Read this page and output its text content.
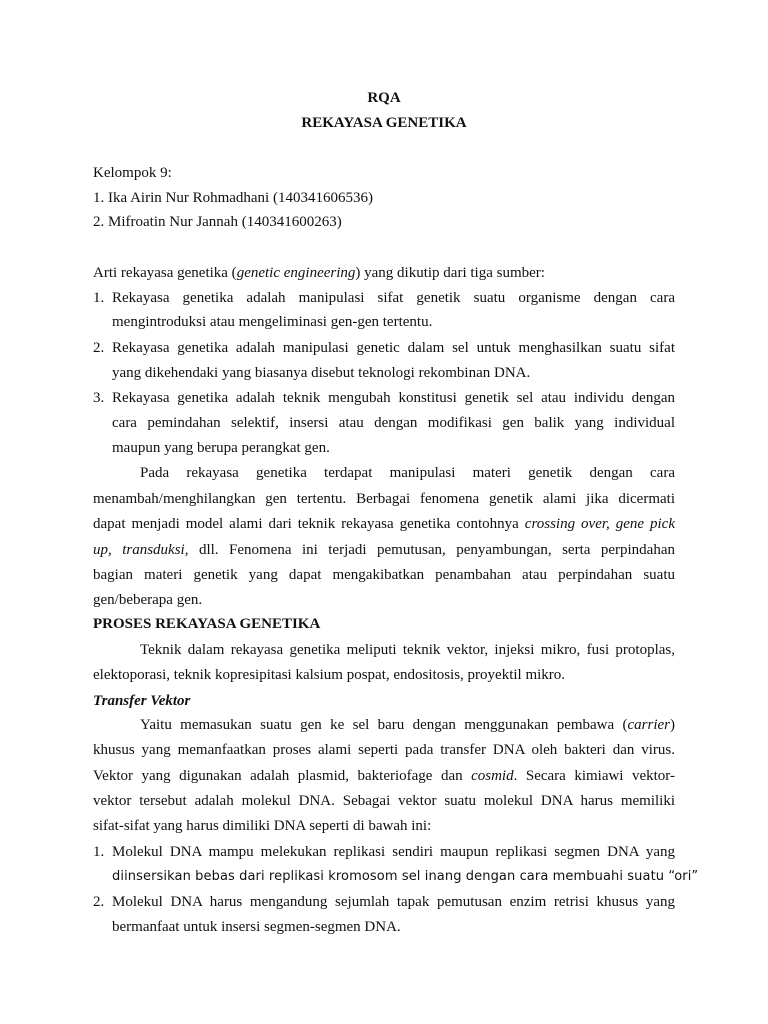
RQA
REKAYASA GENETIKA
Kelompok 9:
1. Ika Airin Nur Rohmadhani (140341606536)
2. Mifroatin Nur Jannah (140341600263)
Arti rekayasa genetika (genetic engineering) yang dikutip dari tiga sumber:
1. Rekayasa genetika adalah manipulasi sifat genetik suatu organisme dengan cara
mengintroduksi atau mengeliminasi gen-gen tertentu.
2. Rekayasa genetika adalah manipulasi genetic dalam sel untuk menghasilkan suatu sifat
yang dikehendaki yang biasanya disebut teknologi rekombinan DNA.
3. Rekayasa genetika adalah teknik mengubah konstitusi genetik sel atau individu dengan
cara pemindahan selektif, insersi atau dengan modifikasi gen balik yang individual
maupun yang berupa perangkat gen.
Pada rekayasa genetika terdapat manipulasi materi genetik dengan cara
menambah/menghilangkan gen tertentu. Berbagai fenomena genetik alami jika dicermati
dapat menjadi model alami dari teknik rekayasa genetika contohnya crossing over, gene pick
up, transduksi, dll. Fenomena ini terjadi pemutusan, penyambungan, serta perpindahan
bagian materi genetik yang dapat mengakibatkan penambahan atau perpindahan suatu
gen/beberapa gen.
PROSES REKAYASA GENETIKA
Teknik dalam rekayasa genetika meliputi teknik vektor, injeksi mikro, fusi protoplas,
elektoporasi, teknik kopresipitasi kalsium pospat, endositosis, proyektil mikro.
Transfer Vektor
Yaitu memasukan suatu gen ke sel baru dengan menggunakan pembawa (carrier)
khusus yang memanfaatkan proses alami seperti pada transfer DNA oleh bakteri dan virus.
Vektor yang digunakan adalah plasmid, bakteriofage dan cosmid. Secara kimiawi vektor-
vektor tersebut adalah molekul DNA. Sebagai vektor suatu molekul DNA harus memiliki
sifat-sifat yang harus dimiliki DNA seperti di bawah ini:
1. Molekul DNA mampu melekukan replikasi sendiri maupun replikasi segmen DNA yang
diinsersikan bebas dari replikasi kromosom sel inang dengan cara membuahi suatu “ori”
2. Molekul DNA harus mengandung sejumlah tapak pemutusan enzim retrisi khusus yang
bermanfaat untuk insersi segmen-segmen DNA.
